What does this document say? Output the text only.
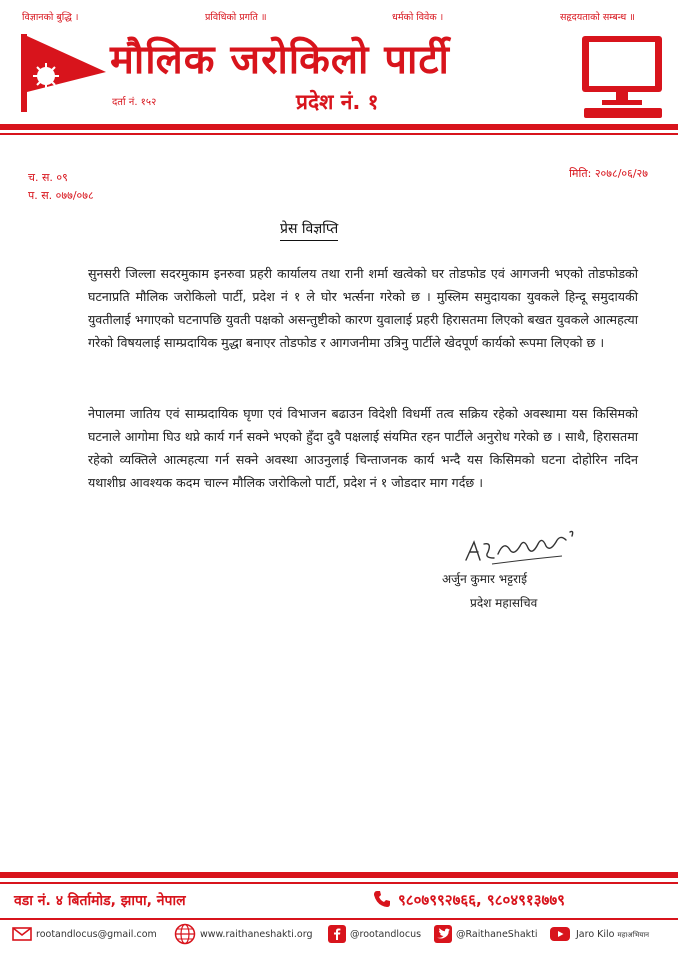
विज्ञानको बुद्धि ।	प्रविधिको प्रगति ॥	धर्मको विवेक ।	सहृदयताको सम्बन्ध ॥
मौलिक जरोकिलो पार्टी
दर्ता नं. १५२	प्रदेश नं. १
च. स. ०९
प. स. ०७७/०७८
मिति: २०७८/०६/२७
प्रेस विज्ञप्ति

सुनसरी जिल्ला सदरमुकाम इनरुवा प्रहरी कार्यालय तथा रानी शर्मा खत्वेको घर तोडफोड एवं आगजनी भएको तोडफोडको घटनाप्रति मौलिक जरोकिलो पार्टी, प्रदेश नं १ ले घोर भर्त्सना गरेको छ । मुस्लिम समुदायका युवकले हिन्दू समुदायकी युवतीलाई भगाएको घटनापछि युवती पक्षको असन्तुष्टीको कारण युवालाई प्रहरी हिरासतमा लिएको बखत युवकले आत्महत्या गरेको विषयलाई साम्प्रदायिक मुद्धा बनाएर तोडफोड र आगजनीमा उत्रिनु पार्टीले खेदपूर्ण कार्यको रूपमा लिएको छ ।

नेपालमा जातिय एवं साम्प्रदायिक घृणा एवं विभाजन बढाउन विदेशी विधर्मी तत्व सक्रिय रहेको अवस्थामा यस किसिमको घटनाले आगोमा घिउ थप्ने कार्य गर्न सक्ने भएको हुँदा दुवै पक्षलाई संयमित रहन पार्टीले अनुरोध गरेको छ । साथै, हिरासतमा रहेको व्यक्तिले आत्महत्या गर्न सक्ने अवस्था आउनुलाई चिन्ताजनक कार्य भन्दै यस किसिमको घटना दोहोरिन नदिन यथाशीघ्र आवश्यक कदम चाल्न मौलिक जरोकिलो पार्टी, प्रदेश नं १ जोडदार माग गर्दछ ।

अर्जुन कुमार भट्टराई
प्रदेश महासचिव
वडा नं. ४ बिर्तामोड, झापा, नेपाल	९८०७९९२७६६, ९८०४९१३७७९
rootandlocus@gmail.com	www.raithaneshakti.org	@rootandlocus	@RaithaneShakti	Jaro Kilo महाअभियान
